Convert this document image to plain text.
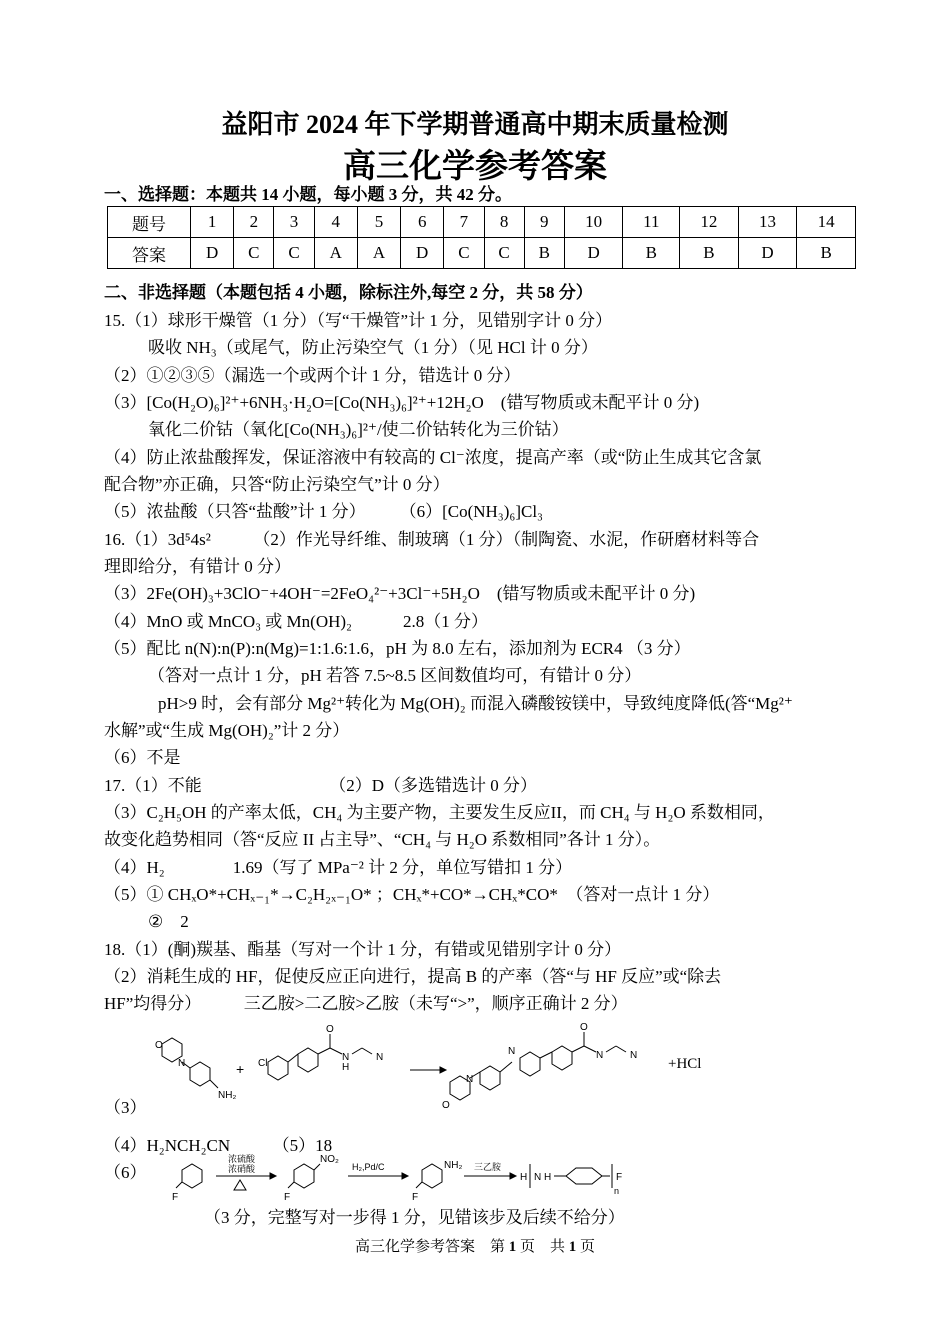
益阳市 2024 年下学期普通高中期末质量检测
高三化学参考答案
一、选择题：本题共 14 小题，每小题 3 分，共 42 分。
题号	1	2	3	4	5	6	7	8	9	10	11	12	13	14
答案	D	C	C	A	A	D	C	C	B	D	B	B	D	B
二、非选择题（本题包括 4 小题，除标注外,每空 2 分，共 58 分）
15.（1）球形干燥管（1 分）（写“干燥管”计 1 分，见错别字计 0 分）
吸收 NH₃（或尾气，防止污染空气（1 分）（见 HCl 计 0 分）
（2）①②③⑤（漏选一个或两个计 1 分，错选计 0 分）
（3）[Co(H₂O)₆]²⁺+6NH₃·H₂O=[Co(NH₃)₆]²⁺+12H₂O　(错写物质或未配平计 0 分)
氧化二价钴（氧化[Co(NH₃)₆]²⁺/使二价钴转化为三价钴）
（4）防止浓盐酸挥发，保证溶液中有较高的 Cl⁻浓度，提高产率（或“防止生成其它含氯
配合物”亦正确，只答“防止污染空气”计 0 分）
（5）浓盐酸（只答“盐酸”计 1 分）　　　（6）[Co(NH₃)₆]Cl₃
16.（1）3d⁵4s²　　　（2）作光导纤维、制玻璃（1 分）（制陶瓷、水泥，作研磨材料等合
理即给分，有错计 0 分）
（3）2Fe(OH)₃+3ClO⁻+4OH⁻=2FeO₄²⁻+3Cl⁻+5H₂O　(错写物质或未配平计 0 分)
（4）MnO 或 MnCO₃ 或 Mn(OH)₂　　　2.8（1 分）
（5）配比 n(N):n(P):n(Mg)=1:1.6:1.6，pH 为 8.0 左右，添加剂为 ECR4 （3 分）
（答对一点计 1 分，pH 若答 7.5~8.5 区间数值均可，有错计 0 分）
pH>9 时，会有部分 Mg²⁺转化为 Mg(OH)₂ 而混入磷酸铵镁中，导致纯度降低(答“Mg²⁺
水解”或“生成 Mg(OH)₂”计 2 分）
（6）不是
17.（1）不能　　　　　　　　（2）D（多选错选计 0 分）
（3）C₂H₅OH 的产率太低，CH₄ 为主要产物，主要发生反应II，而 CH₄ 与 H₂O 系数相同，
故变化趋势相同（答“反应 II 占主导”、“CH₄ 与 H₂O 系数相同”各计 1 分）。
（4）H₂　　　　1.69（写了 MPa⁻² 计 2 分，单位写错扣 1 分）
（5）① CHₓO*+CHₓ₋₁*→C₂H₂ₓ₋₁O* ；CHₓ*+CO*→CHₓ*CO*　（答对一点计 1 分）
②　2
18.（1）(酮)羰基、酯基（写对一个计 1 分，有错或见错别字计 0 分）
（2）消耗生成的 HF，促使反应正向进行，提高 B 的产率（答“与 HF 反应”或“除去
HF”均得分）　　　三乙胺>二乙胺>乙胺（未写“>”，顺序正确计 2 分）
（3）
O
N
NH₂
+ Cl
O
N
H
N
O
N
N
O
N	N
+HCl
（4）H₂NCH₂CN　　　（5）18
（6）
F
浓硫酸
浓硝酸
F
NO₂
H₂,Pd/C
F
NH₂ 三乙胺
H N H	F
n
（3 分，完整写对一步得 1 分，见错该步及后续不给分）
高三化学参考答案　第 1 页　共 1 页
